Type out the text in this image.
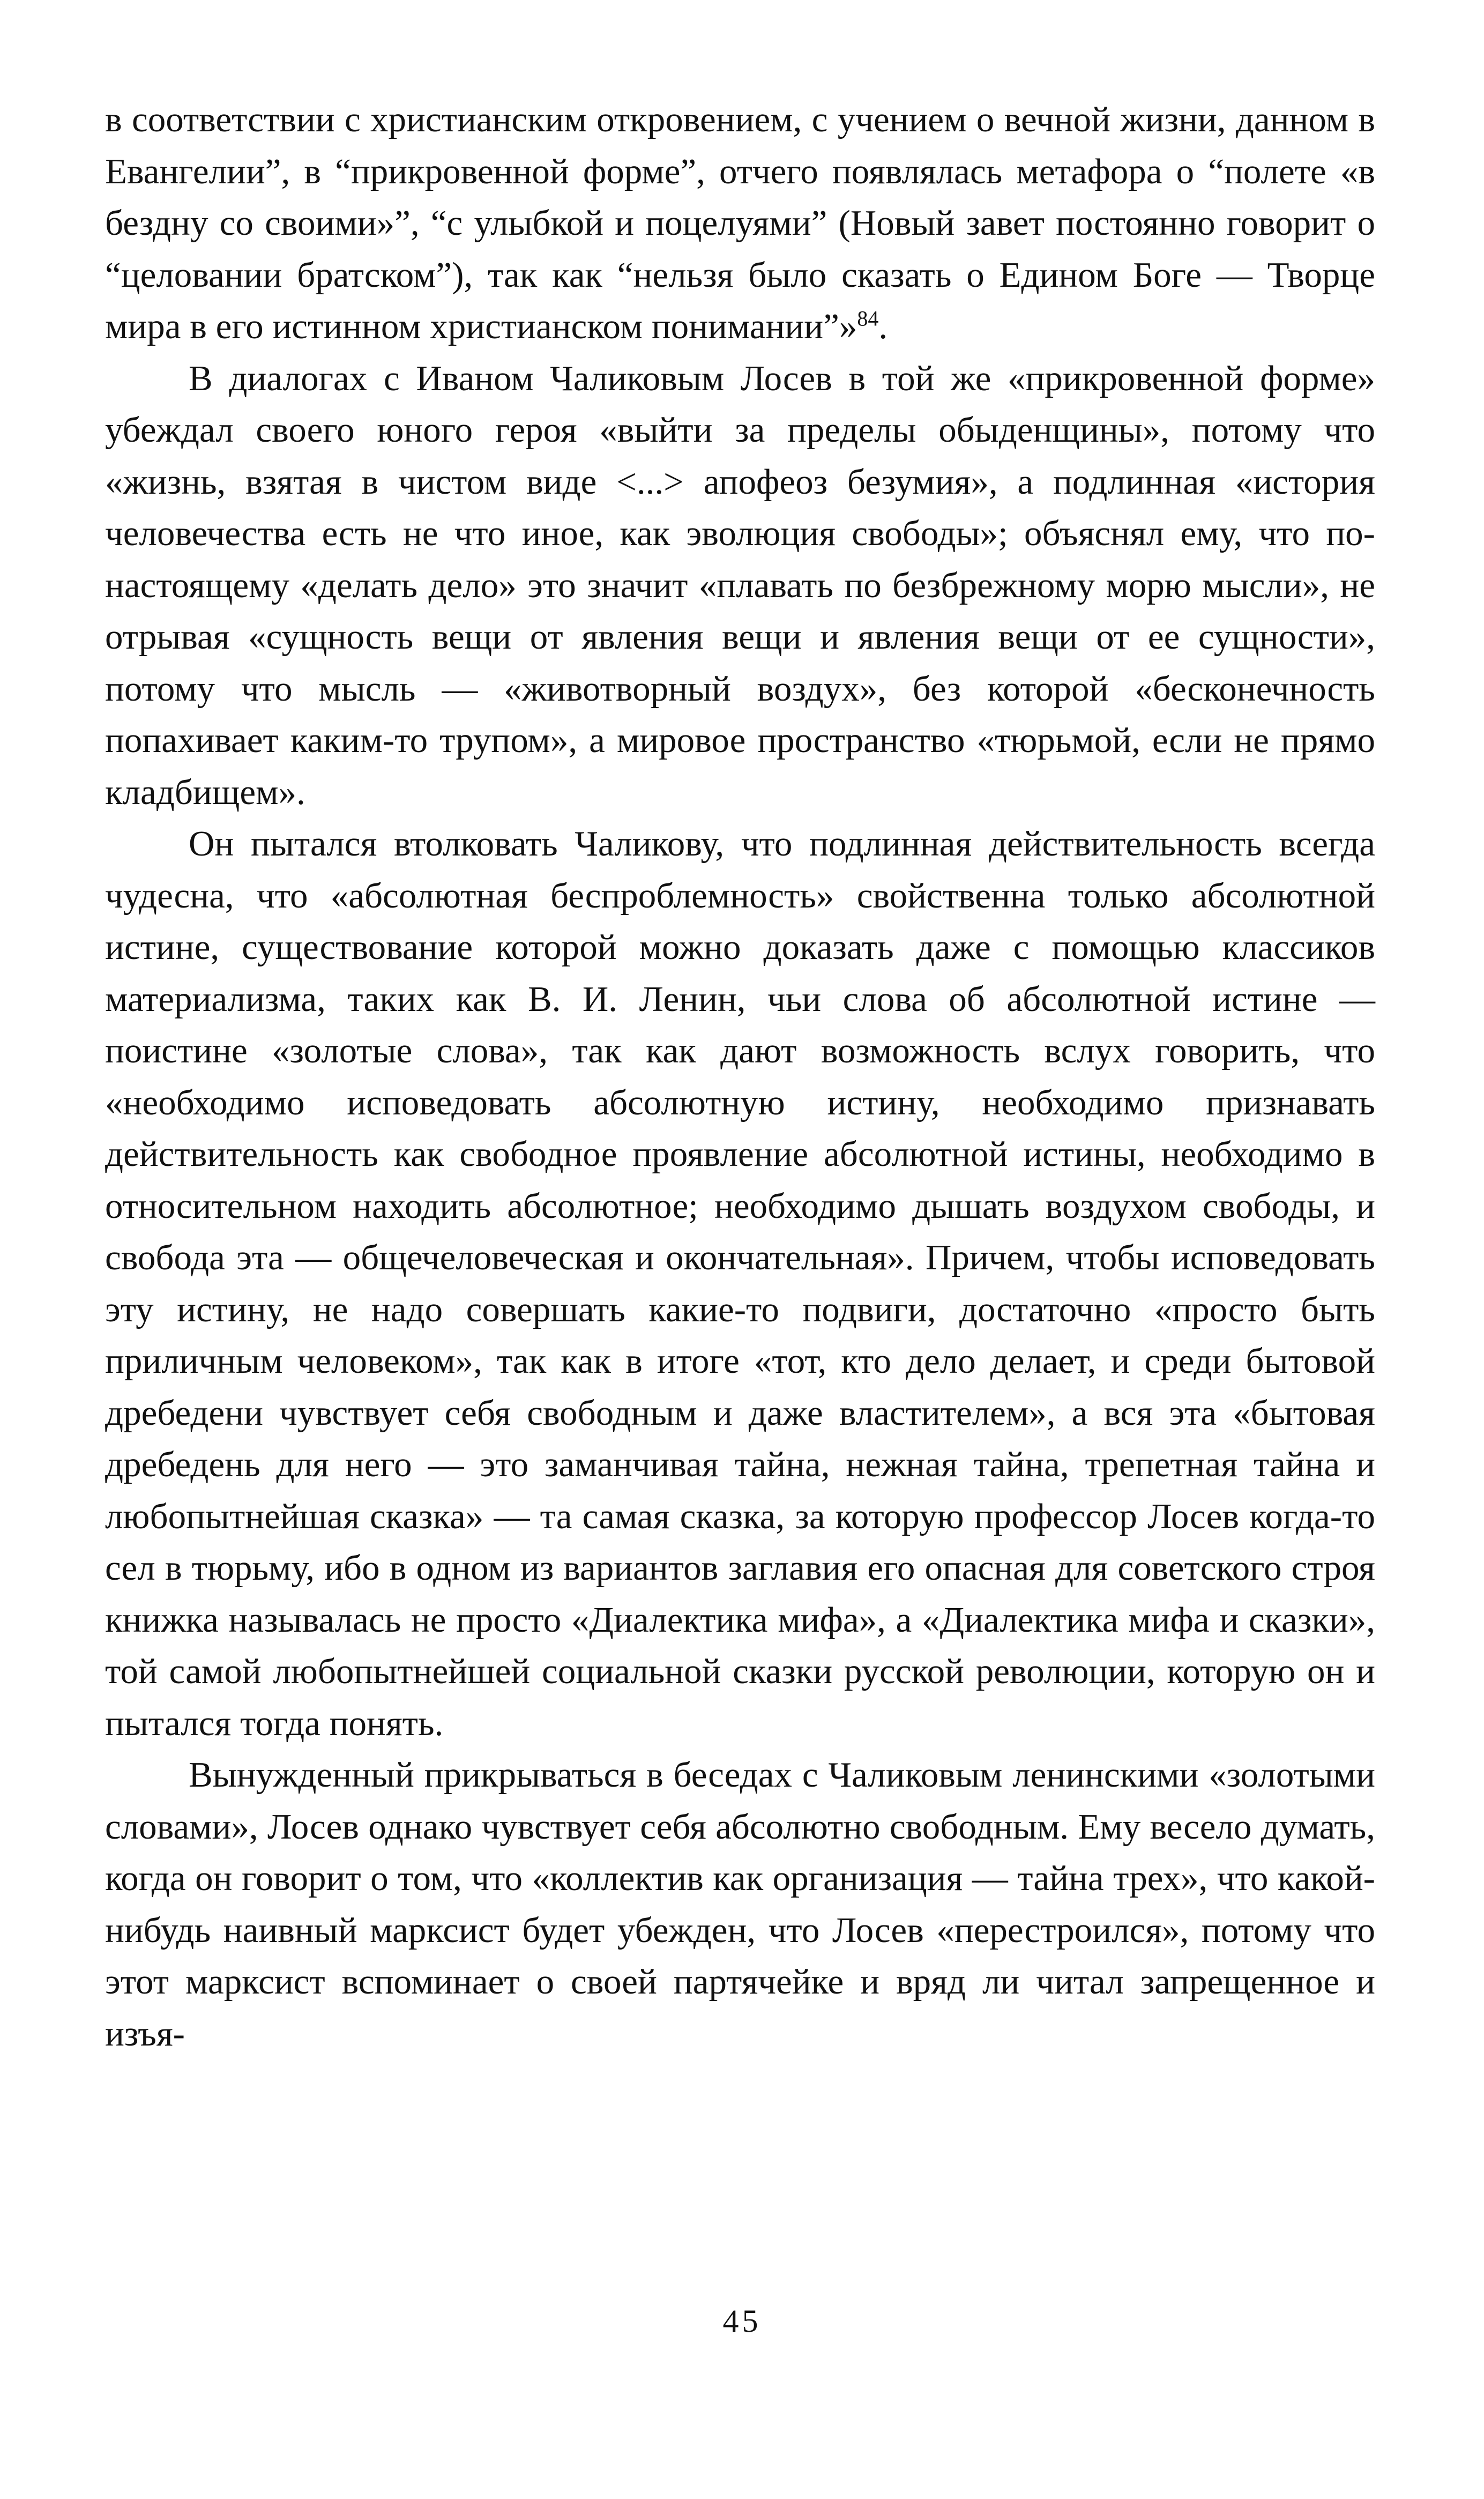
в соответствии с христианским откровением, с учением о вечной жизни, данном в Евангелии”, в “прикровенной форме”, отчего появлялась метафора о “полете «в бездну со своими»”, “с улыбкой и поцелуями” (Новый завет постоянно говорит о “целовании братском”), так как “нельзя было сказать о Едином Боге — Творце мира в его истинном христианском понимании”»$^{84}$.

В диалогах с Иваном Чаликовым Лосев в той же «прикровенной форме» убеждал своего юного героя «выйти за пределы обыденщины», потому что «жизнь, взятая в чистом виде <...> апофеоз безумия», а подлинная «история человечества есть не что иное, как эволюция свободы»; объяснял ему, что по-настоящему «делать дело» это значит «плавать по безбрежному морю мысли», не отрывая «сущность вещи от явления вещи и явления вещи от ее сущности», потому что мысль — «животворный воздух», без которой «бесконечность попахивает каким-то трупом», а мировое пространство «тюрьмой, если не прямо кладбищем».

Он пытался втолковать Чаликову, что подлинная действительность всегда чудесна, что «абсолютная беспроблемность» свойственна только абсолютной истине, существование которой можно доказать даже с помощью классиков материализма, таких как В. И. Ленин, чьи слова об абсолютной истине — поистине «золотые слова», так как дают возможность вслух говорить, что «необходимо исповедовать абсолютную истину, необходимо признавать действительность как свободное проявление абсолютной истины, необходимо в относительном находить абсолютное; необходимо дышать воздухом свободы, и свобода эта — общечеловеческая и окончательная». Причем, чтобы исповедовать эту истину, не надо совершать какие-то подвиги, достаточно «просто быть приличным человеком», так как в итоге «тот, кто дело делает, и среди бытовой дребедени чувствует себя свободным и даже властителем», а вся эта «бытовая дребедень для него — это заманчивая тайна, нежная тайна, трепетная тайна и любопытнейшая сказка» — та самая сказка, за которую профессор Лосев когда-то сел в тюрьму, ибо в одном из вариантов заглавия его опасная для советского строя книжка называлась не просто «Диалектика мифа», а «Диалектика мифа и сказки», той самой любопытнейшей социальной сказки русской революции, которую он и пытался тогда понять.

Вынужденный прикрываться в беседах с Чаликовым ленинскими «золотыми словами», Лосев однако чувствует себя абсолютно свободным. Ему весело думать, когда он говорит о том, что «коллектив как организация — тайна трех», что какой-нибудь наивный марксист будет убежден, что Лосев «перестроился», потому что этот марксист вспоминает о своей партячейке и вряд ли читал запрещенное и изъя-

45
